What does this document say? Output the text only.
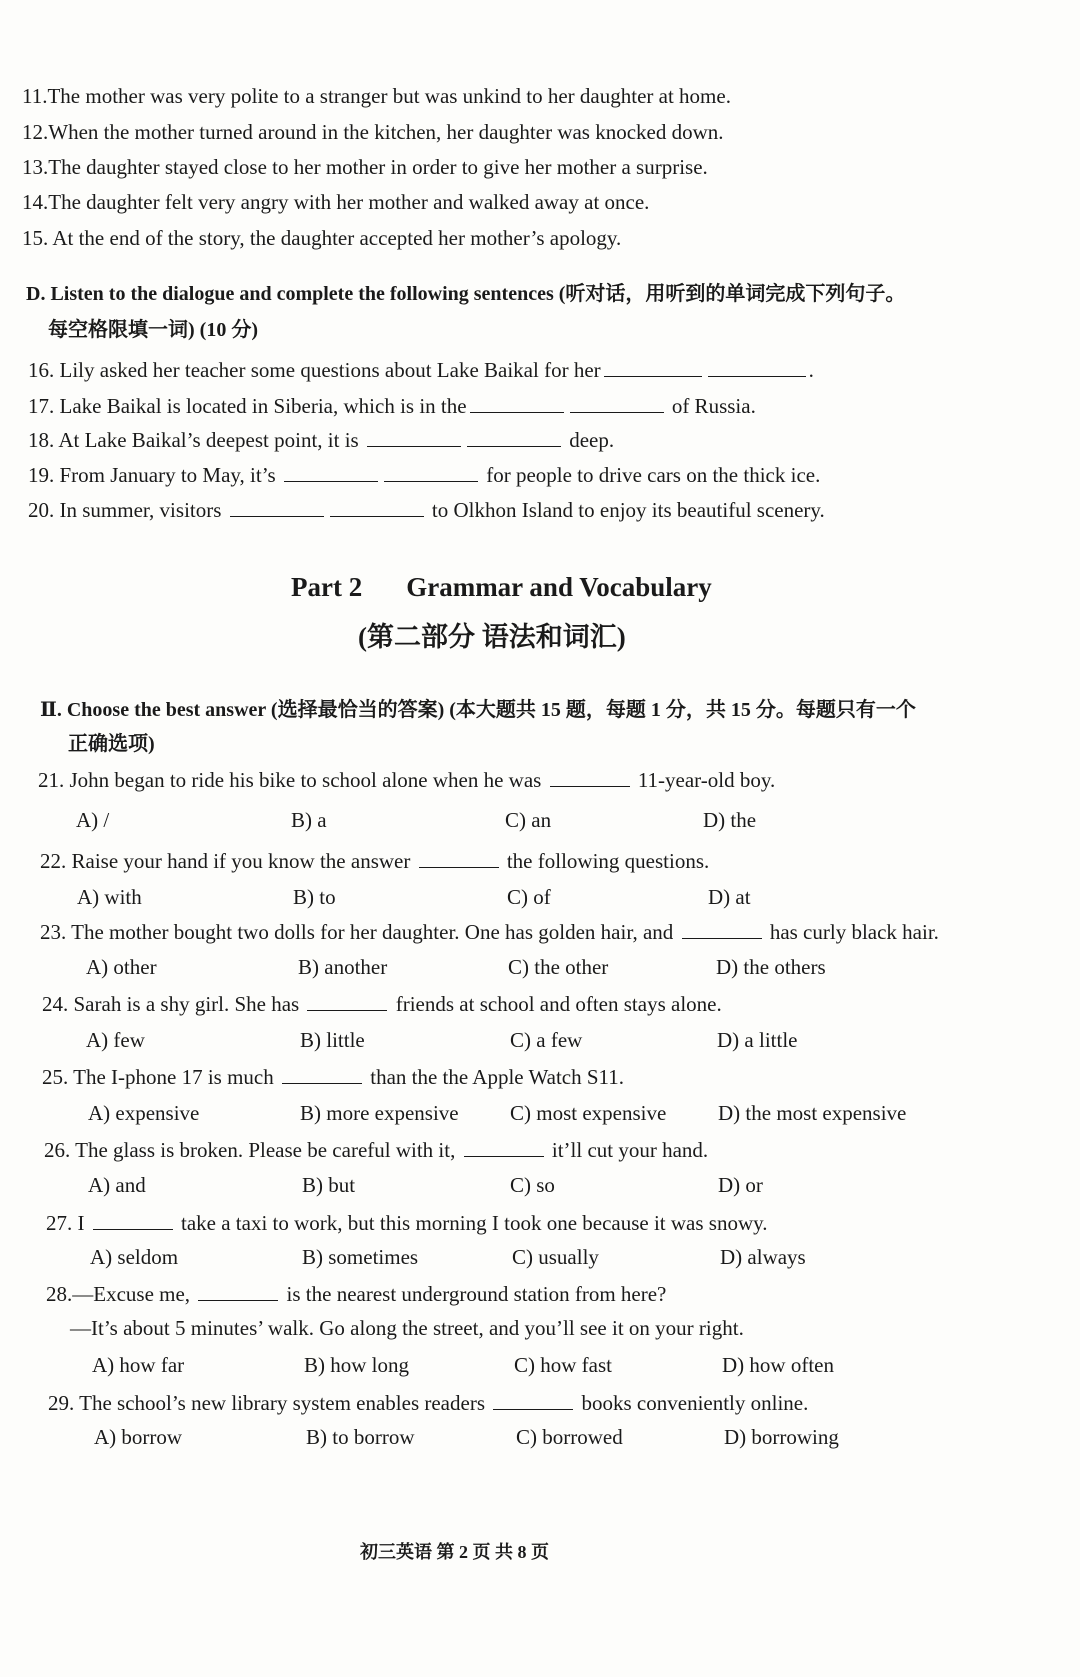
11.The mother was very polite to a stranger but was unkind to her daughter at home.
12.When the mother turned around in the kitchen, her daughter was knocked down.
13.The daughter stayed close to her mother in order to give her mother a surprise.
14.The daughter felt very angry with her mother and walked away at once.
15. At the end of the story, the daughter accepted her mother’s apology.
D. Listen to the dialogue and complete the following sentences (听对话，用听到的单词完成下列句子。
每空格限填一词) (10 分)
16. Lily asked her teacher some questions about Lake Baikal for her	.
17. Lake Baikal is located in Siberia, which is in the	of Russia.
18. At Lake Baikal’s deepest point, it is	deep.
19. From January to May, it’s	for people to drive cars on the thick ice.
20. In summer, visitors	to Olkhon Island to enjoy its beautiful scenery.
Part 2 Grammar and Vocabulary
(第二部分 语法和词汇)
Ⅱ. Choose the best answer (选择最恰当的答案) (本大题共 15 题，每题 1 分，共 15 分。每题只有一个
正确选项)
21. John began to ride his bike to school alone when he was	11-year-old boy.
A) /	B) a	C) an	D) the
22. Raise your hand if you know the answer	the following questions.
A) with	B) to	C) of	D) at
23. The mother bought two dolls for her daughter. One has golden hair, and	has curly black hair.
A) other	B) another	C) the other	D) the others
24. Sarah is a shy girl. She has	friends at school and often stays alone.
A) few	B) little	C) a few	D) a little
25. The I-phone 17 is much	than the the Apple Watch S11.
A) expensive	B) more expensive C) most expensive D) the most expensive
26. The glass is broken. Please be careful with it,	it’ll cut your hand.
A) and	B) but	C) so	D) or
27. I	take a taxi to work, but this morning I took one because it was snowy.
A) seldom	B) sometimes	C) usually	D) always
28.—Excuse me,	is the nearest underground station from here?
—It’s about 5 minutes’ walk. Go along the street, and you’ll see it on your right.
A) how far	B) how long	C) how fast	D) how often
29. The school’s new library system enables readers	books conveniently online.
A) borrow	B) to borrow	C) borrowed	D) borrowing
初三英语 第 2 页 共 8 页
